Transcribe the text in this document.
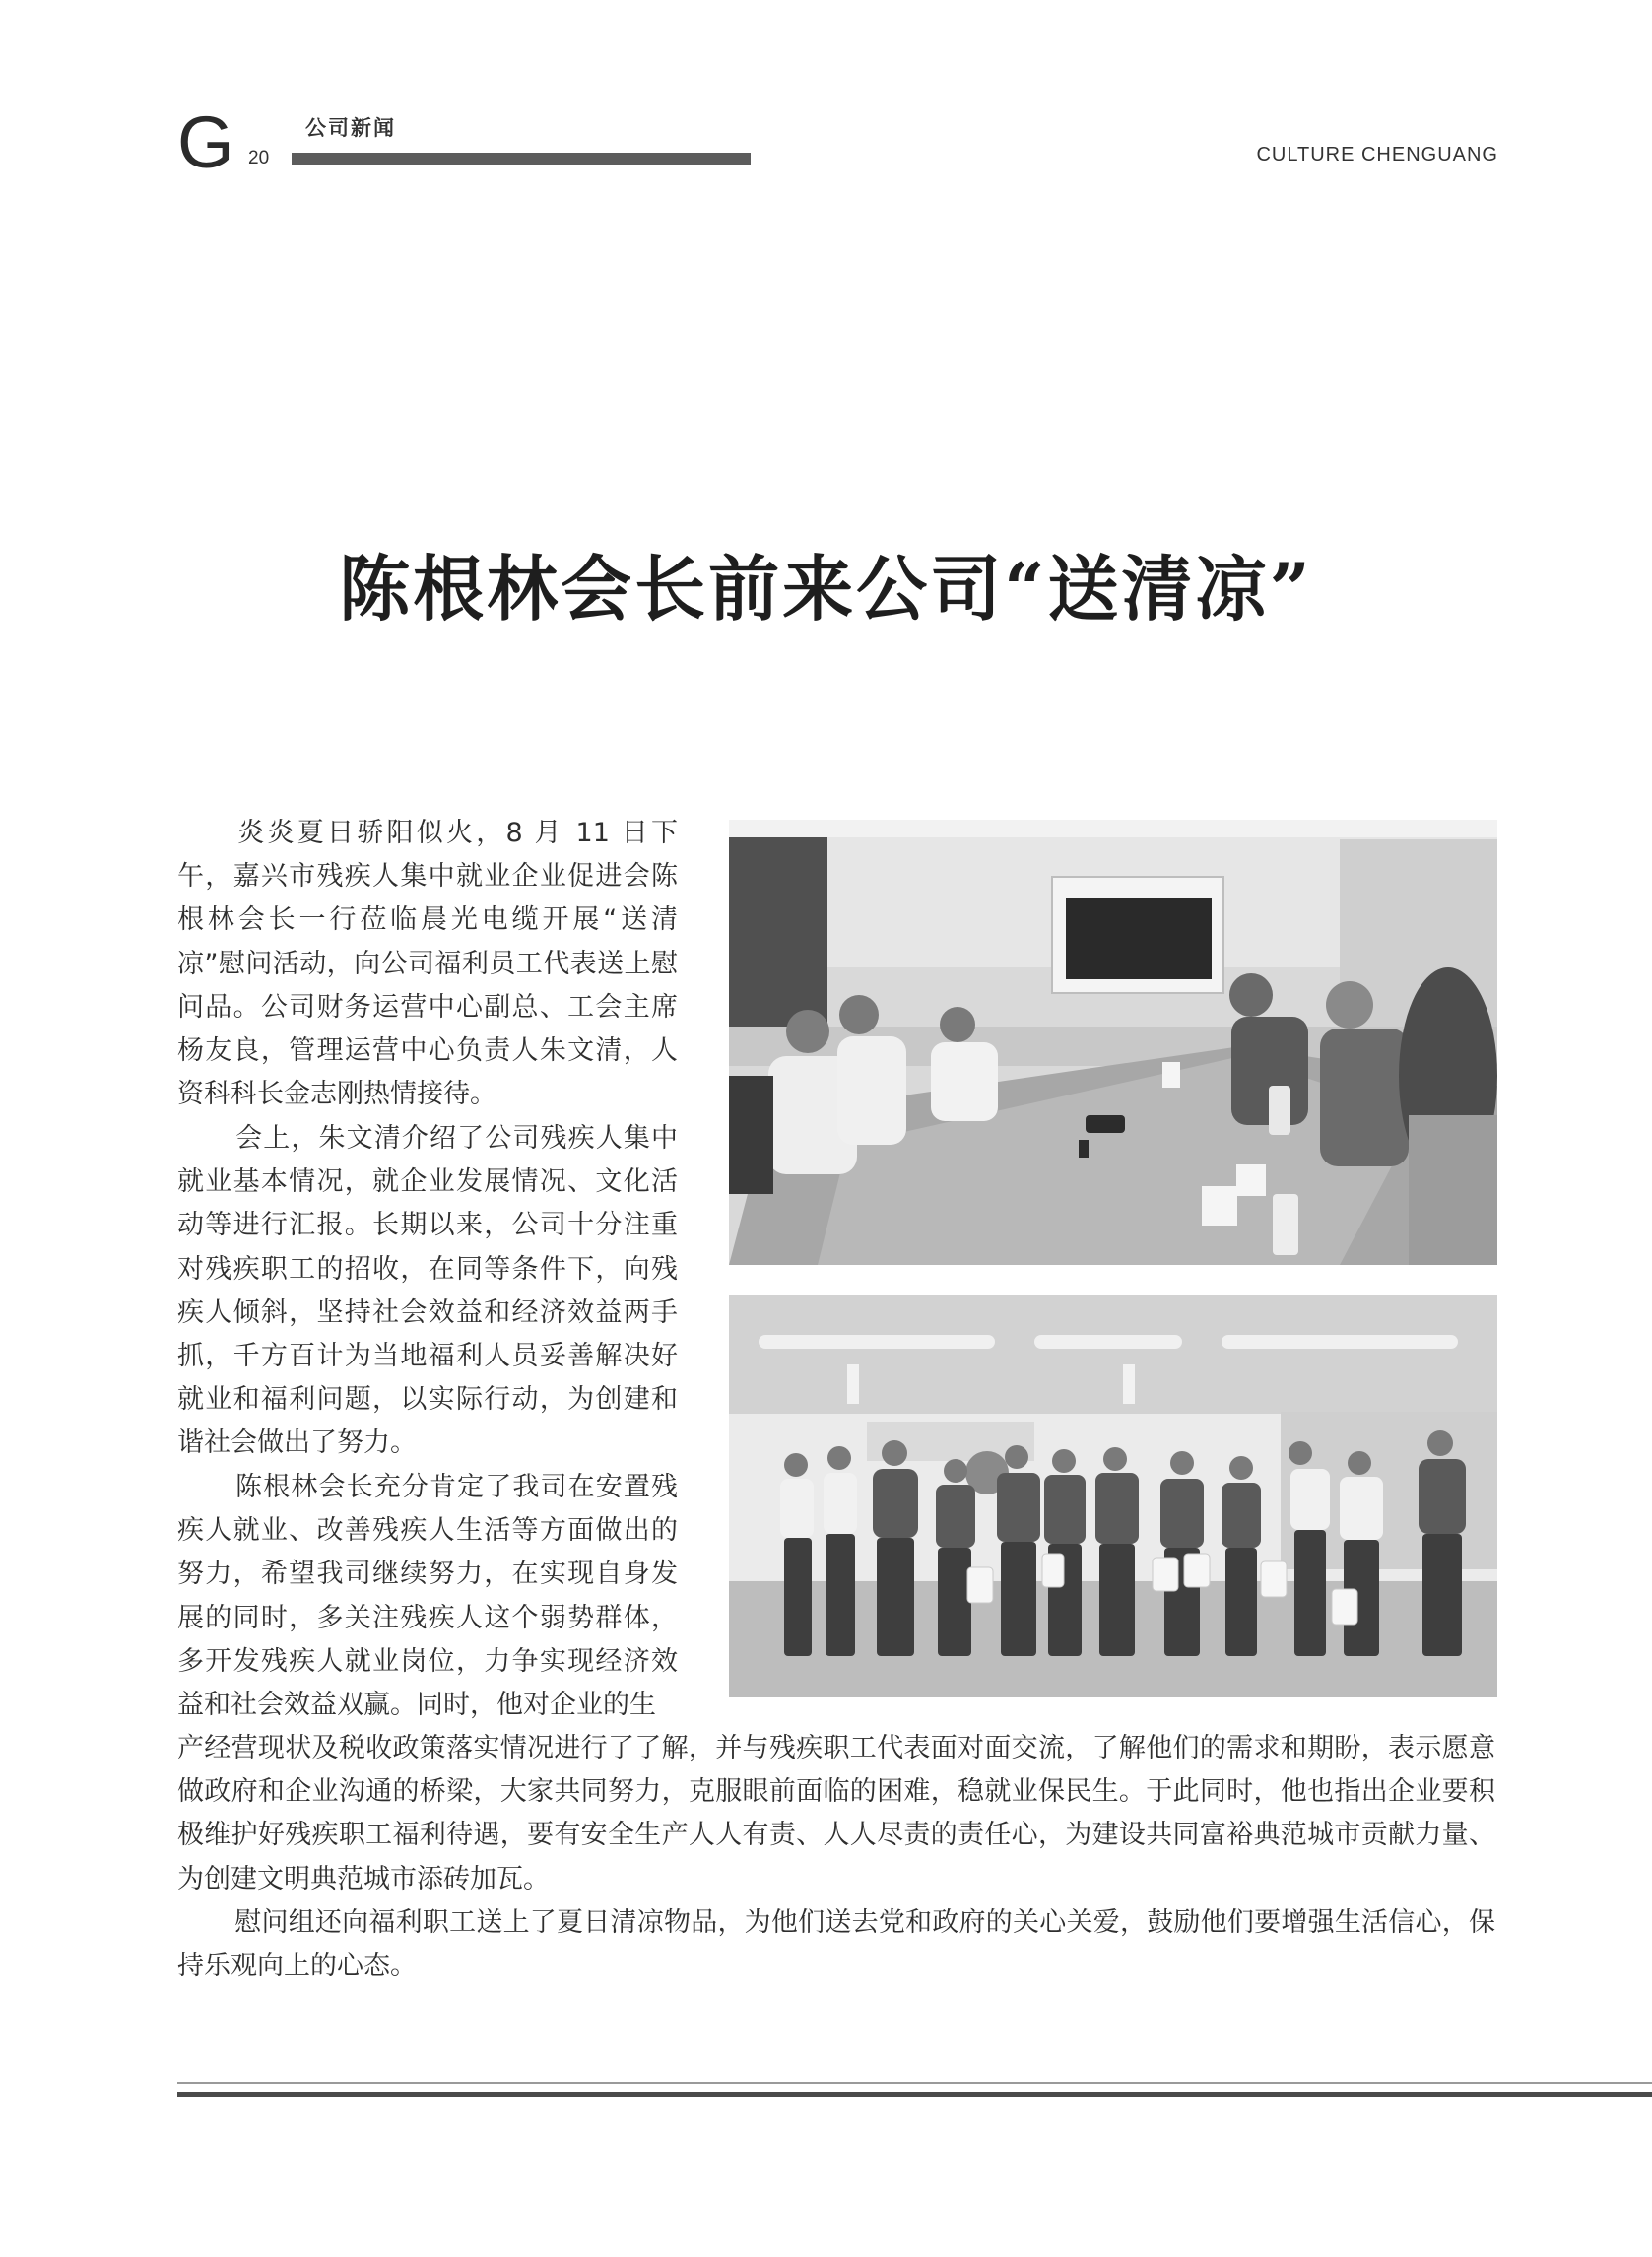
G 20
公司新闻
CULTURE CHENGUANG
陈根林会长前来公司“送清凉”

炎炎夏日骄阳似火，8 月 11 日下午，嘉兴市残疾人集中就业企业促进会陈根林会长一行莅临晨光电缆开展“送清凉”慰问活动，向公司福利员工代表送上慰问品。公司财务运营中心副总、工会主席杨友良，管理运营中心负责人朱文清，人资科科长金志刚热情接待。

会上，朱文清介绍了公司残疾人集中就业基本情况，就企业发展情况、文化活动等进行汇报。长期以来，公司十分注重对残疾职工的招收，在同等条件下，向残疾人倾斜，坚持社会效益和经济效益两手抓，千方百计为当地福利人员妥善解决好就业和福利问题，以实际行动，为创建和谐社会做出了努力。

陈根林会长充分肯定了我司在安置残疾人就业、改善残疾人生活等方面做出的努力，希望我司继续努力，在实现自身发展的同时，多关注残疾人这个弱势群体，多开发残疾人就业岗位，力争实现经济效益和社会效益双赢。同时，他对企业的生

产经营现状及税收政策落实情况进行了了解，并与残疾职工代表面对面交流，了解他们的需求和期盼，表示愿意做政府和企业沟通的桥梁，大家共同努力，克服眼前面临的困难，稳就业保民生。于此同时，他也指出企业要积极维护好残疾职工福利待遇，要有安全生产人人有责、人人尽责的责任心，为建设共同富裕典范城市贡献力量、为创建文明典范城市添砖加瓦。

慰问组还向福利职工送上了夏日清凉物品，为他们送去党和政府的关心关爱，鼓励他们要增强生活信心，保持乐观向上的心态。
